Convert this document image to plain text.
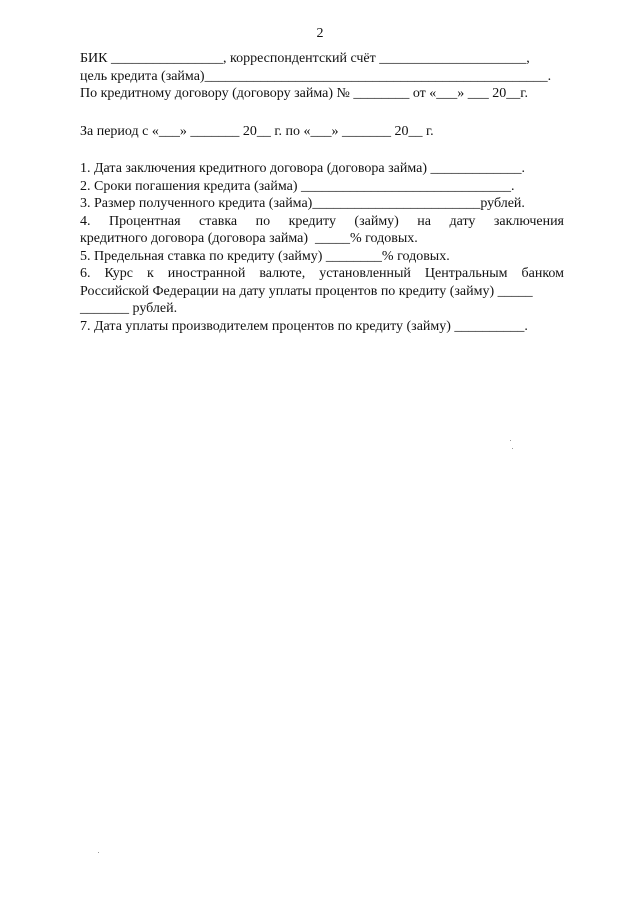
2
БИК ________________, корреспондентский счёт _____________________,
цель кредита (займа)_________________________________________________.
По кредитному договору (договору займа) № ________ от «___» ___ 20__г.
За период с «___» _______ 20__ г. по «___» _______ 20__ г.
1. Дата заключения кредитного договора (договора займа) _____________.
2. Сроки погашения кредита (займа) ______________________________.
3. Размер полученного кредита (займа)________________________рублей.
4. Процентная ставка по кредиту (займу) на дату заключения
кредитного договора (договора займа)  _____% годовых.
5. Предельная ставка по кредиту (займу) ________% годовых.
6. Курс к иностранной валюте, установленный Центральным банком
Российской Федерации на дату уплаты процентов по кредиту (займу) _____
_______ рублей.
7. Дата уплаты производителем процентов по кредиту (займу) __________.
